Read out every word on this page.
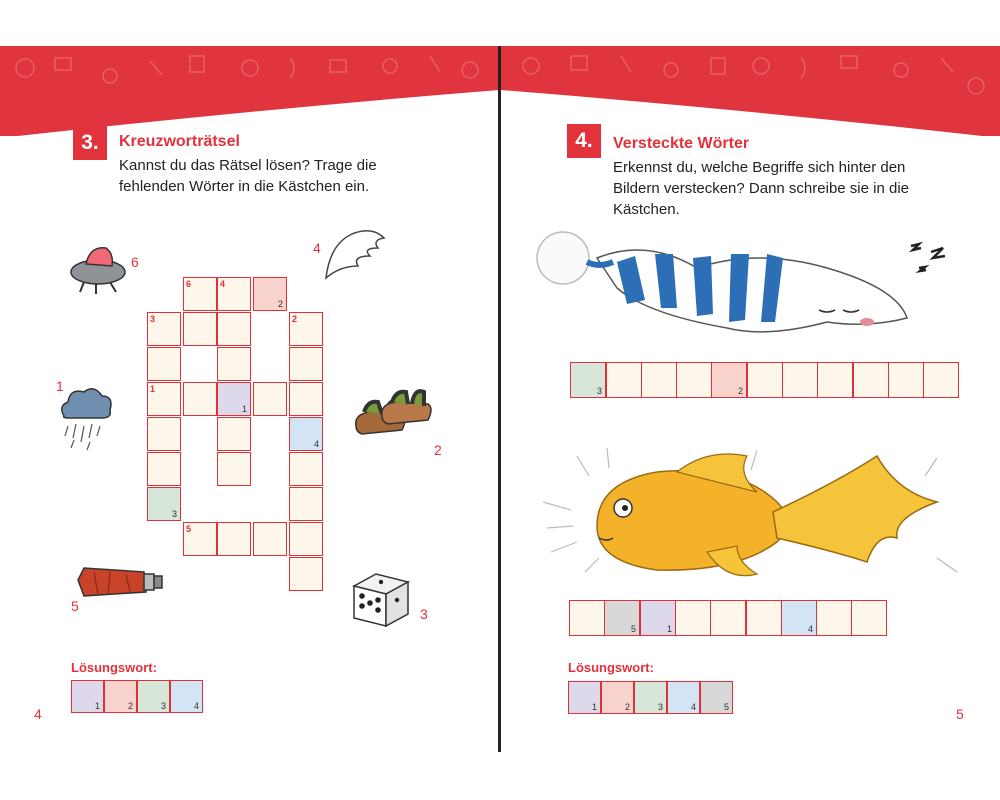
3.	Kreuzworträtsel
Kannst du das Rätsel lösen? Trage die
fehlenden Wörter in die Kästchen ein.
6
4
1
2
5	3
6	4
2
3
1
3
5
1
2
4
Lösungswort:
1	2	3	4
4
4.	Versteckte Wörter
Erkennst du, welche Begriffe sich hinter den
Bildern verstecken? Dann schreibe sie in die
Kästchen.
3	2
5	1	4
Lösungswort:
1	2	3	4	5	5
